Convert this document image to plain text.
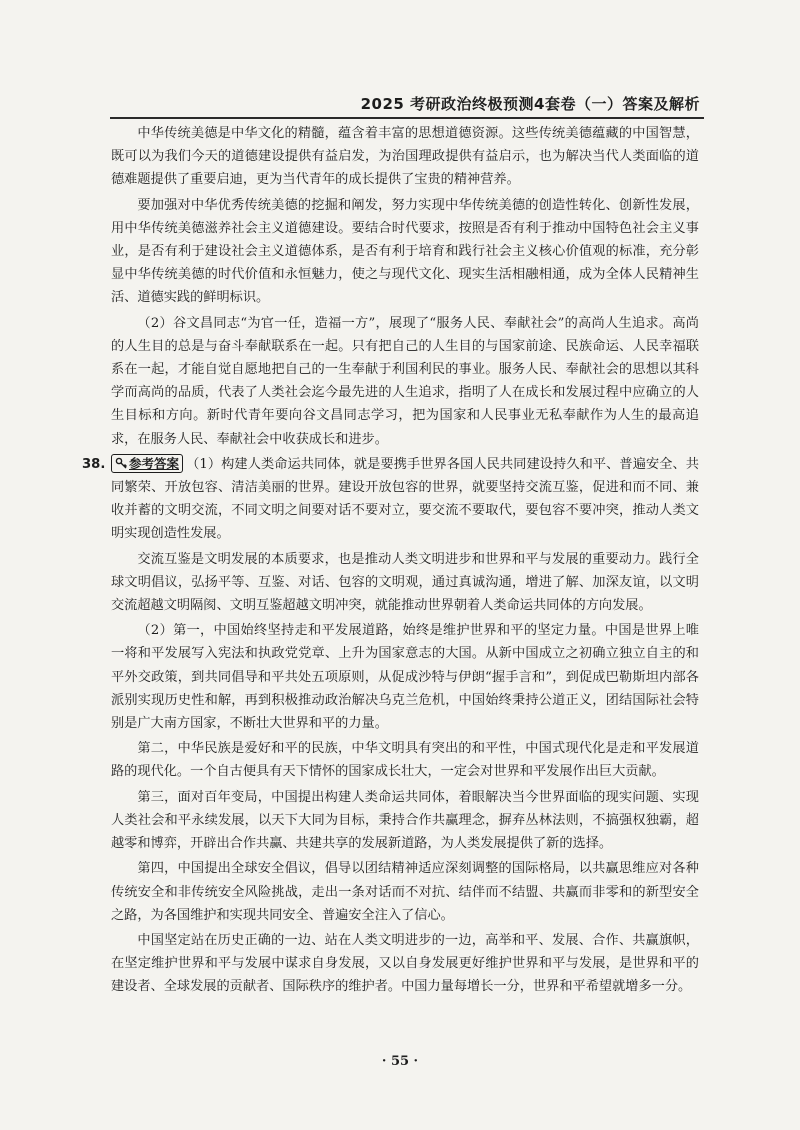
2025 考研政治终极预测4套卷（一）答案及解析

中华传统美德是中华文化的精髓，蕴含着丰富的思想道德资源。这些传统美德蕴藏的中国智慧，既可以为我们今天的道德建设提供有益启发，为治国理政提供有益启示，也为解决当代人类面临的道德难题提供了重要启迪，更为当代青年的成长提供了宝贵的精神营养。

要加强对中华优秀传统美德的挖掘和阐发，努力实现中华传统美德的创造性转化、创新性发展，用中华传统美德滋养社会主义道德建设。要结合时代要求，按照是否有利于推动中国特色社会主义事业，是否有利于建设社会主义道德体系，是否有利于培育和践行社会主义核心价值观的标准，充分彰显中华传统美德的时代价值和永恒魅力，使之与现代文化、现实生活相融相通，成为全体人民精神生活、道德实践的鲜明标识。

（2）谷文昌同志“为官一任，造福一方”，展现了“服务人民、奉献社会”的高尚人生追求。高尚的人生目的总是与奋斗奉献联系在一起。只有把自己的人生目的与国家前途、民族命运、人民幸福联系在一起，才能自觉自愿地把自己的一生奉献于利国利民的事业。服务人民、奉献社会的思想以其科学而高尚的品质，代表了人类社会迄今最先进的人生追求，指明了人在成长和发展过程中应确立的人生目标和方向。新时代青年要向谷文昌同志学习，把为国家和人民事业无私奉献作为人生的最高追求，在服务人民、奉献社会中收获成长和进步。

38. 参考答案 （1）构建人类命运共同体，就是要携手世界各国人民共同建设持久和平、普遍安全、共同繁荣、开放包容、清洁美丽的世界。建设开放包容的世界，就要坚持交流互鉴，促进和而不同、兼收并蓄的文明交流，不同文明之间要对话不要对立，要交流不要取代，要包容不要冲突，推动人类文明实现创造性发展。

交流互鉴是文明发展的本质要求，也是推动人类文明进步和世界和平与发展的重要动力。践行全球文明倡议，弘扬平等、互鉴、对话、包容的文明观，通过真诚沟通，增进了解、加深友谊，以文明交流超越文明隔阂、文明互鉴超越文明冲突，就能推动世界朝着人类命运共同体的方向发展。

（2）第一，中国始终坚持走和平发展道路，始终是维护世界和平的坚定力量。中国是世界上唯一将和平发展写入宪法和执政党党章、上升为国家意志的大国。从新中国成立之初确立独立自主的和平外交政策，到共同倡导和平共处五项原则，从促成沙特与伊朗“握手言和”，到促成巴勒斯坦内部各派别实现历史性和解，再到积极推动政治解决乌克兰危机，中国始终秉持公道正义，团结国际社会特别是广大南方国家，不断壮大世界和平的力量。

第二，中华民族是爱好和平的民族，中华文明具有突出的和平性，中国式现代化是走和平发展道路的现代化。一个自古便具有天下情怀的国家成长壮大，一定会对世界和平发展作出巨大贡献。

第三，面对百年变局，中国提出构建人类命运共同体，着眼解决当今世界面临的现实问题、实现人类社会和平永续发展，以天下大同为目标，秉持合作共赢理念，摒弃丛林法则，不搞强权独霸，超越零和博弈，开辟出合作共赢、共建共享的发展新道路，为人类发展提供了新的选择。

第四，中国提出全球安全倡议，倡导以团结精神适应深刻调整的国际格局，以共赢思维应对各种传统安全和非传统安全风险挑战，走出一条对话而不对抗、结伴而不结盟、共赢而非零和的新型安全之路，为各国维护和实现共同安全、普遍安全注入了信心。

中国坚定站在历史正确的一边、站在人类文明进步的一边，高举和平、发展、合作、共赢旗帜，在坚定维护世界和平与发展中谋求自身发展，又以自身发展更好维护世界和平与发展，是世界和平的建设者、全球发展的贡献者、国际秩序的维护者。中国力量每增长一分，世界和平希望就增多一分。

· 55 ·
